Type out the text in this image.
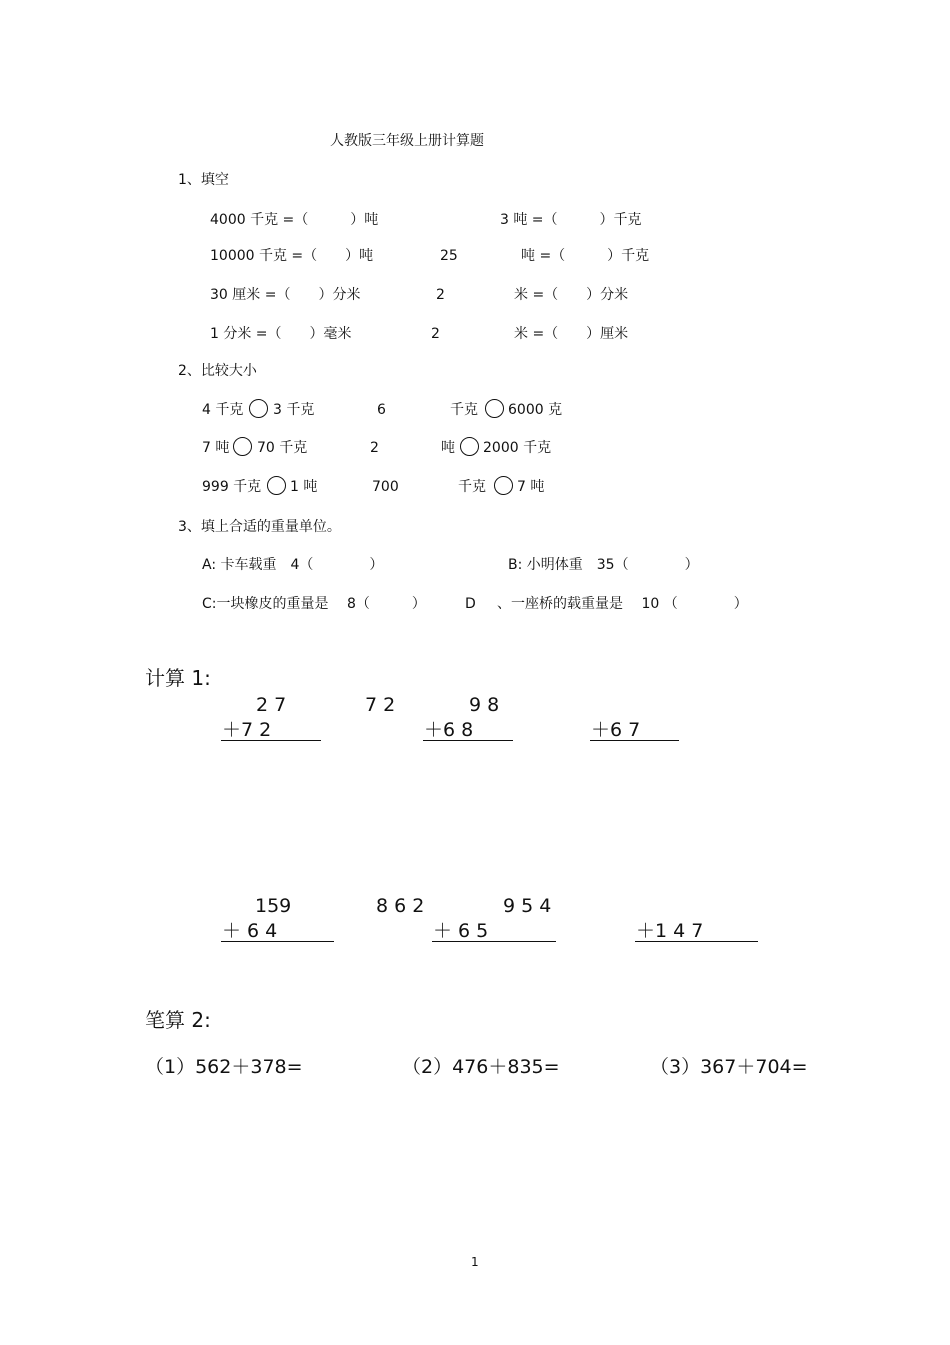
人教版三年级上册计算题
1、填空
4000 千克 =（　　　）吨	3 吨 =（　　　）千克
10000 千克 =（　　）吨	25	吨 =（　　　）千克
30 厘米 =（　　）分米	2	米 =（　　）分米
1 分米 =（　　）毫米	2	米 =（　　）厘米
2、比较大小
4 千克 3 千克	6	千克 6000 克
7 吨 70 千克	2	吨 2000 千克
999 千克 1 吨	700	千克 7 吨
3、填上合适的重量单位。
A: 卡车载重　4（　　　　）	B: 小明体重　35（　　　　）
C:一块橡皮的重量是　 8（　　　）	D 、一座桥的载重量是　 10 （　　　　）
计算 1:
2 7	7 2	9 8
＋7 2	＋6 8	＋6 7
159	8 6 2	9 5 4
＋ 6 4	＋ 6 5	＋1 4 7
笔算 2:
（1）562＋378=	（2）476＋835=	（3）367＋704=
1
